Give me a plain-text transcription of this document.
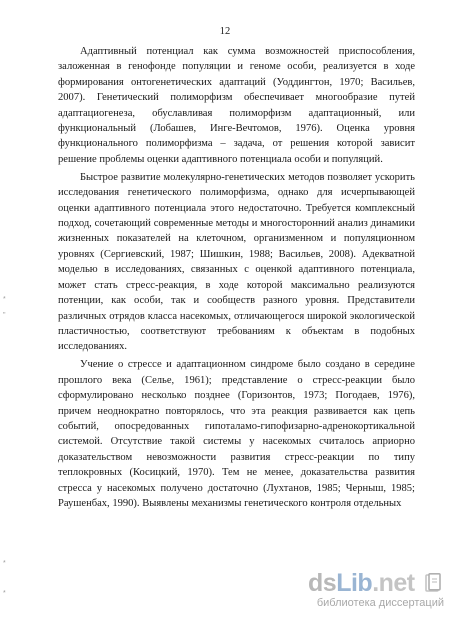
12
*
"
*
*

Адаптивный потенциал как сумма возможностей приспособления, заложенная в генофонде популяции и геноме особи, реализуется в ходе формирования онтогенетических адаптаций (Уоддингтон, 1970; Васильев, 2007). Генетический полиморфизм обеспечивает многообразие путей адаптациогенеза, обуславливая полиморфизм адаптационный, или функциональный (Лобашев, Инге-Вечтомов, 1976). Оценка уровня функционального полиморфизма – задача, от решения которой зависит решение проблемы оценки адаптивного потенциала особи и популяций.

Быстрое развитие молекулярно-генетических методов позволяет ускорить исследования генетического полиморфизма, однако для исчерпывающей оценки адаптивного потенциала этого недостаточно. Требуется комплексный подход, сочетающий современные методы и многосторонний анализ динамики жизненных показателей на клеточном, организменном и популяционном уровнях (Сергиевский, 1987; Шишкин, 1988; Васильев, 2008). Адекватной моделью в исследованиях, связанных с оценкой адаптивного потенциала, может стать стресс-реакция, в ходе которой максимально реализуются потенции, как особи, так и сообществ разного уровня. Представители различных отрядов класса насекомых, отличающегося широкой экологической пластичностью, соответствуют требованиям к объектам в подобных исследованиях.

Учение о стрессе и адаптационном синдроме было создано в середине прошлого века (Селье, 1961); представление о стресс-реакции было сформулировано несколько позднее (Горизонтов, 1973; Погодаев, 1976), причем неоднократно повторялось, что эта реакция развивается как цепь событий, опосредованных гипоталамо-гипофизарно-адренокортикальной системой. Отсутствие такой системы у насекомых считалось априорно доказательством невозможности развития стресс-реакции по типу теплокровных (Косицкий, 1970). Тем не менее, доказательства развития стресса у насекомых получено достаточно (Лухтанов, 1985; Черныш, 1985; Раушенбах, 1990). Выявлены механизмы генетического контроля отдельных

dsLib.net
библиотека диссертаций
